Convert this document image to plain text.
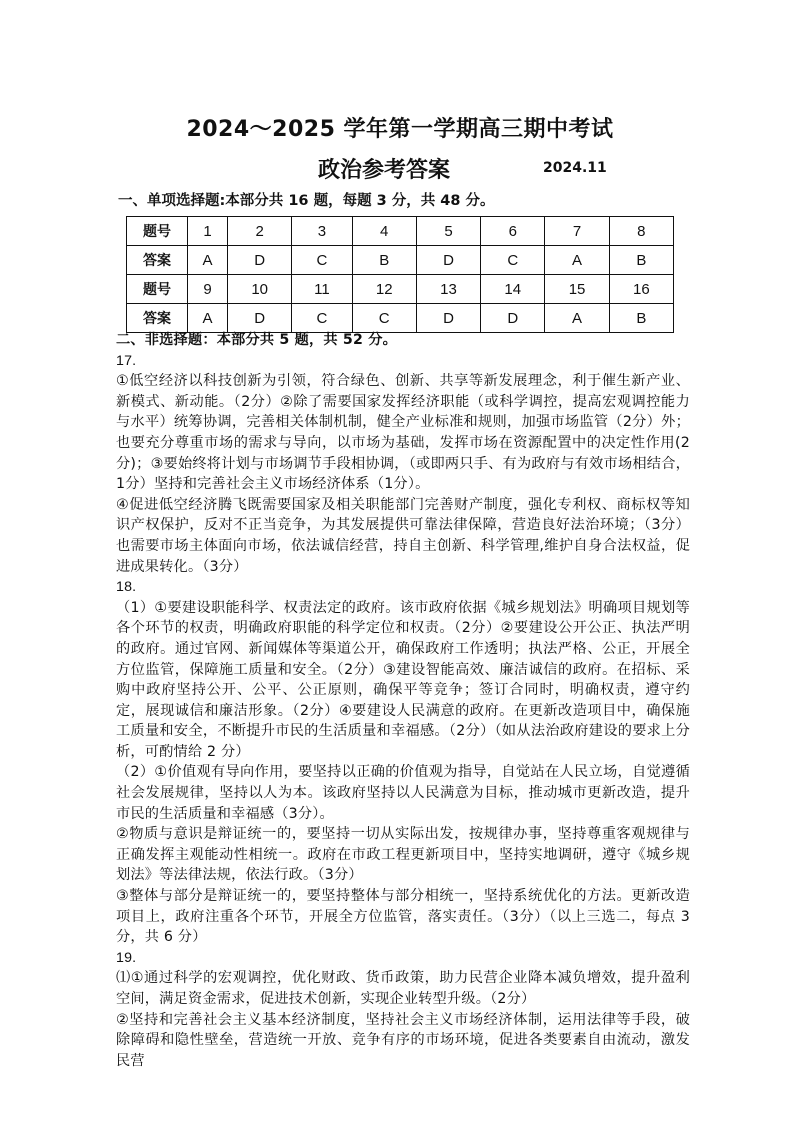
2024～2025 学年第一学期高三期中考试
政治参考答案	2024.11
一、单项选择题:本部分共 16 题，每题 3 分，共 48 分。
题号	1	2	3	4	5	6	7	8
答案	A	D	C	B	D	C	A	B
题号	9	10	11	12	13	14	15	16
答案	A	D	C	C	D	D	A	B

二、非选择题：本部分共 5 题，共 52 分。

17.

①低空经济以科技创新为引领，符合绿色、创新、共享等新发展理念，利于催生新产业、新模式、新动能。（2分）②除了需要国家发挥经济职能（或科学调控，提高宏观调控能力与水平）统筹协调，完善相关体制机制，健全产业标准和规则，加强市场监管（2分）外；也要充分尊重市场的需求与导向，以市场为基础，发挥市场在资源配置中的决定性作用(2分)；③要始终将计划与市场调节手段相协调，（或即两只手、有为政府与有效市场相结合，1分）坚持和完善社会主义市场经济体系（1分）。

④促进低空经济腾飞既需要国家及相关职能部门完善财产制度，强化专利权、商标权等知识产权保护，反对不正当竞争，为其发展提供可靠法律保障，营造良好法治环境；（3分）也需要市场主体面向市场，依法诚信经营，持自主创新、科学管理,维护自身合法权益，促进成果转化。（3分）

18.

（1）①要建设职能科学、权责法定的政府。该市政府依据《城乡规划法》明确项目规划等各个环节的权责，明确政府职能的科学定位和权责。（2分）②要建设公开公正、执法严明的政府。通过官网、新闻媒体等渠道公开，确保政府工作透明；执法严格、公正，开展全方位监管，保障施工质量和安全。（2分）③建设智能高效、廉洁诚信的政府。在招标、采购中政府坚持公开、公平、公正原则，确保平等竞争；签订合同时，明确权责，遵守约定，展现诚信和廉洁形象。（2分）④要建设人民满意的政府。在更新改造项目中，确保施工质量和安全，不断提升市民的生活质量和幸福感。（2分）（如从法治政府建设的要求上分析，可酌情给 2 分）

（2）①价值观有导向作用，要坚持以正确的价值观为指导，自觉站在人民立场，自觉遵循社会发展规律，坚持以人为本。该政府坚持以人民满意为目标，推动城市更新改造，提升市民的生活质量和幸福感（3分）。

②物质与意识是辩证统一的，要坚持一切从实际出发，按规律办事，坚持尊重客观规律与正确发挥主观能动性相统一。政府在市政工程更新项目中，坚持实地调研，遵守《城乡规划法》等法律法规，依法行政。（3分）

③整体与部分是辩证统一的，要坚持整体与部分相统一，坚持系统优化的方法。更新改造项目上，政府注重各个环节，开展全方位监管，落实责任。（3分）（以上三选二，每点 3 分，共 6 分）

19.

⑴①通过科学的宏观调控，优化财政、货币政策，助力民营企业降本减负增效，提升盈利空间，满足资金需求，促进技术创新，实现企业转型升级。（2分）

②坚持和完善社会主义基本经济制度，坚持社会主义市场经济体制，运用法律等手段，破除障碍和隐性壁垒，营造统一开放、竞争有序的市场环境，促进各类要素自由流动，激发民营
